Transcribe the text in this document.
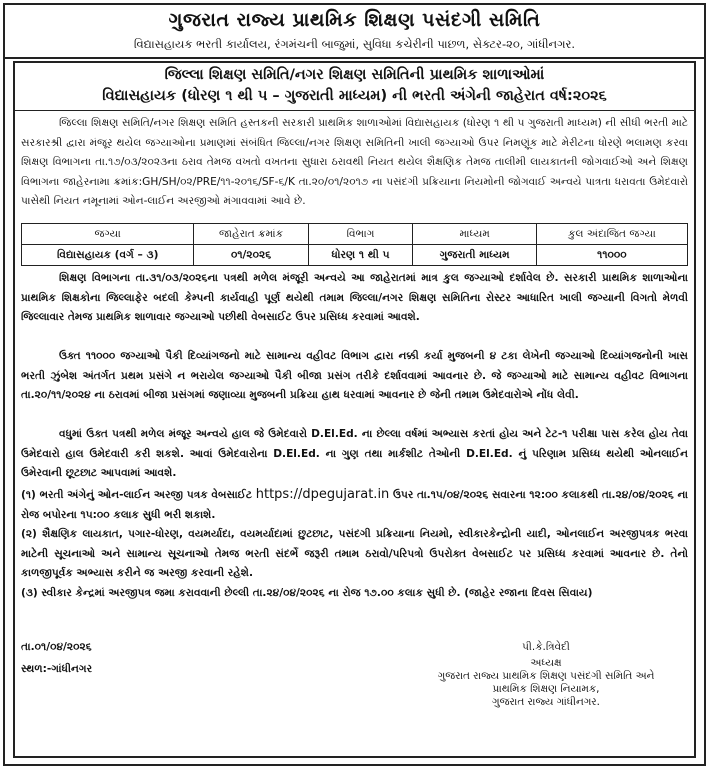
ગુજરાત રાજ્ય પ્રાથમિક શિક્ષણ પસંદગી સમિતિ
વિદ્યાસહાયક ભરતી કાર્યાલય, રંગમંચની બાજુમાં, સુવિધા કચેરીની પાછળ, સેક્ટર-૨૦, ગાંધીનગર.
જિલ્લા શિક્ષણ સમિતિ/નગર શિક્ષણ સમિતિની પ્રાથમિક શાળાઓમાં
વિદ્યાસહાયક (ધોરણ ૧ થી ૫ – ગુજરાતી માધ્યમ) ની ભરતી અંગેની જાહેરાત વર્ષ:૨૦૨૬
જિલ્લા શિક્ષણ સમિતિ/નગર શિક્ષણ સમિતિ હસ્તકની સરકારી પ્રાથમિક શાળાઓમાં વિદ્યાસહાયક (ધોરણ ૧ થી ૫ ગુજરાતી માધ્યમ) ની સીધી ભરતી માટે સરકારશ્રી દ્વારા મંજૂર થયેલ જગ્યાઓના પ્રમાણમાં સંબંધિત જિલ્લા/નગર શિક્ષણ સમિતિની ખાલી જગ્યાઓ ઉપર નિમણૂંક માટે મેરીટના ધોરણે ભલામણ કરવા શિક્ષણ વિભાગના તા.૧૭/૦૩/૨૦૨૩ના ઠરાવ તેમજ વખતો વખતના સુધારા ઠરાવથી નિયત થયેલ શૈક્ષણિક તેમજ તાલીમી લાયકાતની જોગવાઈઓ અને શિક્ષણ વિભાગના જાહેરનામા ક્રમાંક:GH/SH/૦૨/PRE/૧૧-૨૦૧૬/SF-૬/K તા.૨૦/૦૧/૨૦૧૭ ના પસંદગી પ્રક્રિયાના નિયમોની જોગવાઈ અન્વયે પાત્રતા ધરાવતા ઉમેદવારો પાસેથી નિયત નમૂનામાં ઓન-લાઈન અરજીઓ મંગાવવામાં આવે છે.
જગ્યા	જાહેરાત ક્રમાંક	વિભાગ	માધ્યમ	કુલ અંદાજિત જગ્યા
વિદ્યાસહાયક (વર્ગ – ૩)	૦૧/૨૦૨૬	ધોરણ ૧ થી ૫	ગુજરાતી માધ્યમ	૧૧૦૦૦
શિક્ષણ વિભાગના તા.૩૧/૦૩/૨૦૨૬ના પત્રથી મળેલ મંજૂરી અન્વયે આ જાહેરાતમાં માત્ર કુલ જગ્યાઓ દર્શાવેલ છે. સરકારી પ્રાથમિક શાળાઓના પ્રાથમિક શિક્ષકોના જિલ્લાફેર બદલી કેમ્પની કાર્યવાહી પૂર્ણ થયેથી તમામ જિલ્લા/નગર શિક્ષણ સમિતિના રોસ્ટર આધારિત ખાલી જગ્યાની વિગતો મેળવી જિલ્લાવાર તેમજ પ્રાથમિક શાળાવાર જગ્યાઓ પછીથી વેબસાઈટ ઉપર પ્રસિધ્ધ કરવામાં આવશે.
ઉક્ત ૧૧૦૦૦ જગ્યાઓ પૈકી દિવ્યાંગજનો માટે સામાન્ય વહીવટ વિભાગ દ્વારા નક્કી કર્યા મુજબની ૪ ટકા લેખેની જગ્યાઓ દિવ્યાંગજનોની ખાસ ભરતી ઝુંબેશ અંતર્ગત પ્રથમ પ્રસંગે ન ભરાયેલ જગ્યાઓ પૈકી બીજા પ્રસંગ તરીકે દર્શાવવામાં આવનાર છે. જે જગ્યાઓ માટે સામાન્ય વહીવટ વિભાગના તા.૨૦/૧૧/૨૦૨૪ ના ઠરાવમાં બીજા પ્રસંગમાં જણાવ્યા મુજબની પ્રક્રિયા હાથ ધરવામાં આવનાર છે જેની તમામ ઉમેદવારોએ નોંધ લેવી.
વધુમાં ઉક્ત પત્રથી મળેલ મંજૂર અન્વયે હાલ જે ઉમેદવારો D.El.Ed. ના છેલ્લા વર્ષમાં અભ્યાસ કરતાં હોય અને ટેટ-૧ પરીક્ષા પાસ કરેલ હોય તેવા ઉમેદવારો હાલ ઉમેદવારી કરી શકશે. આવાં ઉમેદવારોના D.El.Ed. ના ગુણ તથા માર્કશીટ તેઓની D.El.Ed. નું પરિણામ પ્રસિધ્ધ થયેથી ઓનલાઈન ઉમેરવાની છૂટછાટ આપવામાં આવશે.
(૧) ભરતી અંગેનું ઓન-લાઈન અરજી પત્રક વેબસાઈટ https://dpegujarat.in ઉપર તા.૧૫/૦૪/૨૦૨૬ સવારના ૧૨:૦૦ કલાકથી તા.૨૪/૦૪/૨૦૨૬ ના રોજ બપોરના ૧૫:૦૦ કલાક સુધી ભરી શકાશે.
(૨) શૈક્ષણિક લાયકાત, પગાર-ધોરણ, વયમર્યાદા, વયમર્યાદામાં છુટછાટ, પસંદગી પ્રક્રિયાના નિયમો, સ્વીકારકેન્દ્રોની યાદી, ઓનલાઈન અરજીપત્રક ભરવા માટેની સૂચનાઓ અને સામાન્ય સૂચનાઓ તેમજ ભરતી સંદર્ભે જરૂરી તમામ ઠરાવો/પરિપત્રો ઉપરોક્ત વેબસાઈટ પર પ્રસિધ્ધ કરવામાં આવનાર છે. તેનો કાળજીપૂર્વક અભ્યાસ કરીને જ અરજી કરવાની રહેશે.
(૩) સ્વીકાર કેન્દ્રમાં અરજીપત્ર જમા કરાવવાની છેલ્લી તા.૨૪/૦૪/૨૦૨૬ ના રોજ ૧૭.૦૦ કલાક સુધી છે. (જાહેર રજાના દિવસ સિવાય)
તા.૦૧/૦૪/૨૦૨૬
સ્થળ:-ગાંધીનગર
પી.કે.ત્રિવેદી
અધ્યક્ષ
ગુજરાત રાજ્ય પ્રાથમિક શિક્ષણ પસંદગી સમિતિ અને
પ્રાથમિક શિક્ષણ નિયામક,
ગુજરાત રાજ્ય ગાંધીનગર.
